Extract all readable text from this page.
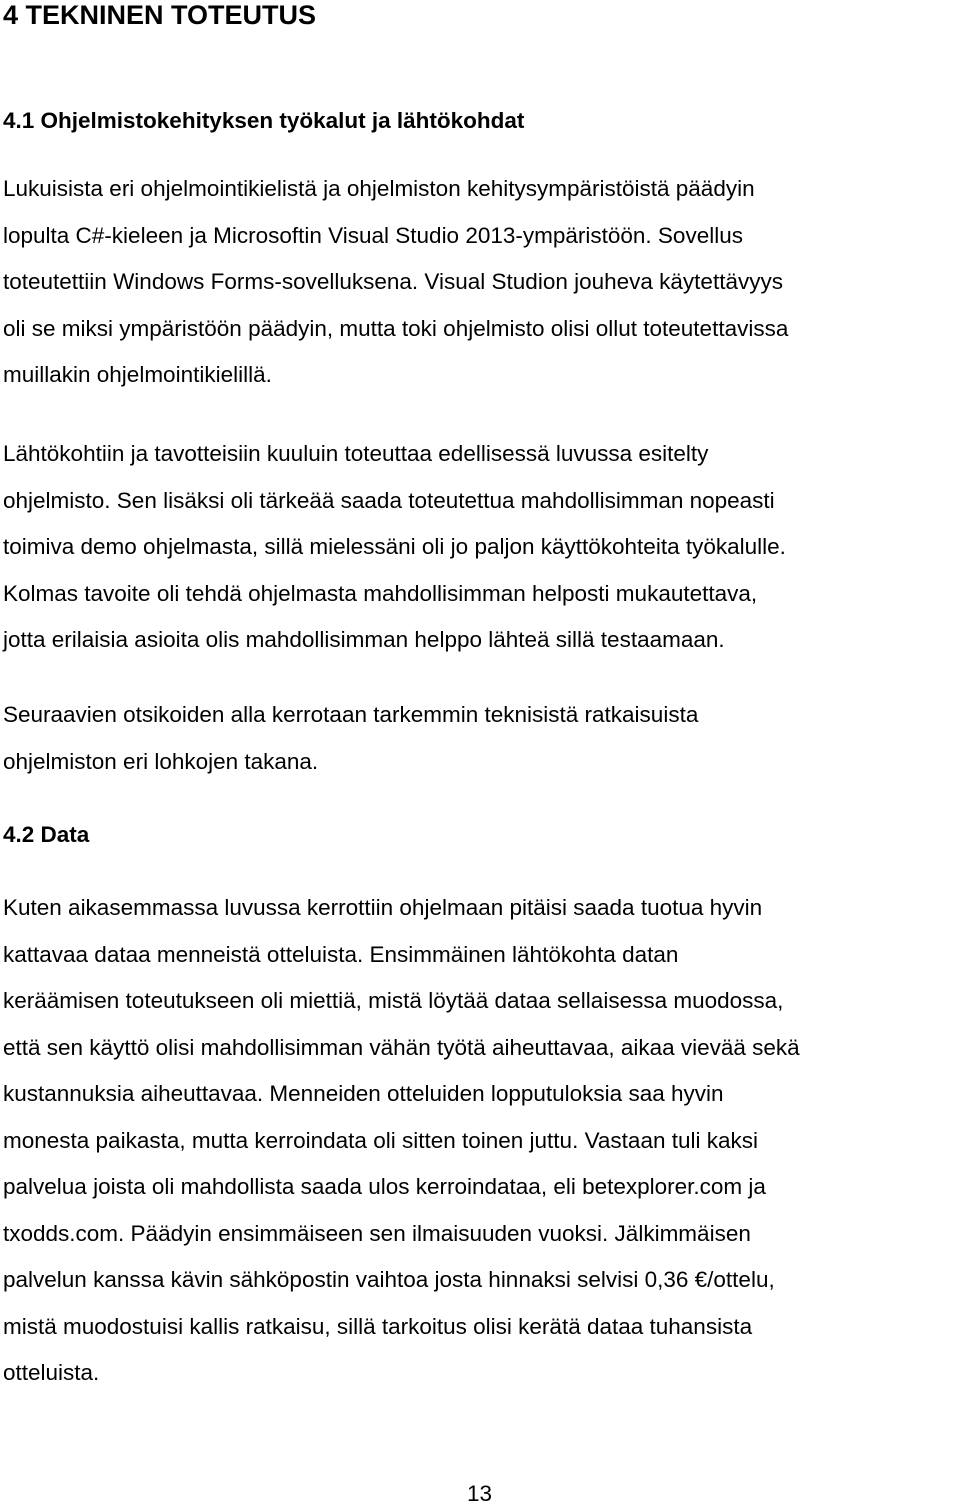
4 TEKNINEN TOTEUTUS
4.1 Ohjelmistokehityksen työkalut ja lähtökohdat

Lukuisista eri ohjelmointikielistä ja ohjelmiston kehitysympäristöistä päädyin
lopulta C#-kieleen ja Microsoftin Visual Studio 2013-ympäristöön. Sovellus
toteutettiin Windows Forms-sovelluksena. Visual Studion jouheva käytettävyys
oli se miksi ympäristöön päädyin, mutta toki ohjelmisto olisi ollut toteutettavissa
muillakin ohjelmointikielillä.

Lähtökohtiin ja tavotteisiin kuuluin toteuttaa edellisessä luvussa esitelty
ohjelmisto. Sen lisäksi oli tärkeää saada toteutettua mahdollisimman nopeasti
toimiva demo ohjelmasta, sillä mielessäni oli jo paljon käyttökohteita työkalulle.
Kolmas tavoite oli tehdä ohjelmasta mahdollisimman helposti mukautettava,
jotta erilaisia asioita olis mahdollisimman helppo lähteä sillä testaamaan.

Seuraavien otsikoiden alla kerrotaan tarkemmin teknisistä ratkaisuista
ohjelmiston eri lohkojen takana.

4.2 Data

Kuten aikasemmassa luvussa kerrottiin ohjelmaan pitäisi saada tuotua hyvin
kattavaa dataa menneistä otteluista. Ensimmäinen lähtökohta datan
keräämisen toteutukseen oli miettiä, mistä löytää dataa sellaisessa muodossa,
että sen käyttö olisi mahdollisimman vähän työtä aiheuttavaa, aikaa vievää sekä
kustannuksia aiheuttavaa. Menneiden otteluiden lopputuloksia saa hyvin
monesta paikasta, mutta kerroindata oli sitten toinen juttu. Vastaan tuli kaksi
palvelua joista oli mahdollista saada ulos kerroindataa, eli betexplorer.com ja
txodds.com. Päädyin ensimmäiseen sen ilmaisuuden vuoksi. Jälkimmäisen
palvelun kanssa kävin sähköpostin vaihtoa josta hinnaksi selvisi 0,36 €/ottelu,
mistä muodostuisi kallis ratkaisu, sillä tarkoitus olisi kerätä dataa tuhansista
otteluista.

13
